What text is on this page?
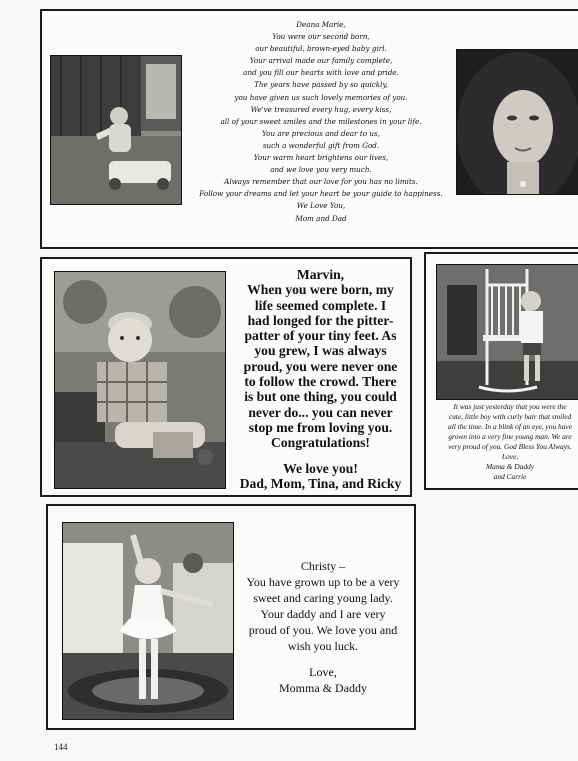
Deana Marie,
You were our second born,
our beautiful, brown-eyed baby girl.
Your arrival made our family complete,
and you fill our hearts with love and pride.
The years have passed by so quickly,
you have given us such lovely memories of you.
We've treasured every hug, every kiss,
all of your sweet smiles and the milestones in your life.
You are precious and dear to us,
such a wonderful gift from God.
Your warm heart brightens our lives,
and we love you very much.
Always remember that our love for you has no limits.
Follow your dreams and let your heart be your guide to happiness.
We Love You,
Mom and Dad
Marvin,
When you were born, my
life seemed complete. I
had longed for the pitter-
patter of your tiny feet. As
you grew, I was always
proud, you were never one
to follow the crowd. There
is but one thing, you could
never do... you can never
stop me from loving you.
Congratulations!
We love you!
Dad, Mom, Tina, and Ricky
It was just yesterday that you were the
cute, little boy with curly hair that smiled
all the time. In a blink of an eye, you have
grown into a very fine young man. We are
very proud of you. God Bless You Always.
Love,
Mama & Daddy
and Carrie
Christy –
You have grown up to be a very
sweet and caring young lady.
Your daddy and I are very
proud of you. We love you and
wish you luck.
Love,
Momma & Daddy
144
